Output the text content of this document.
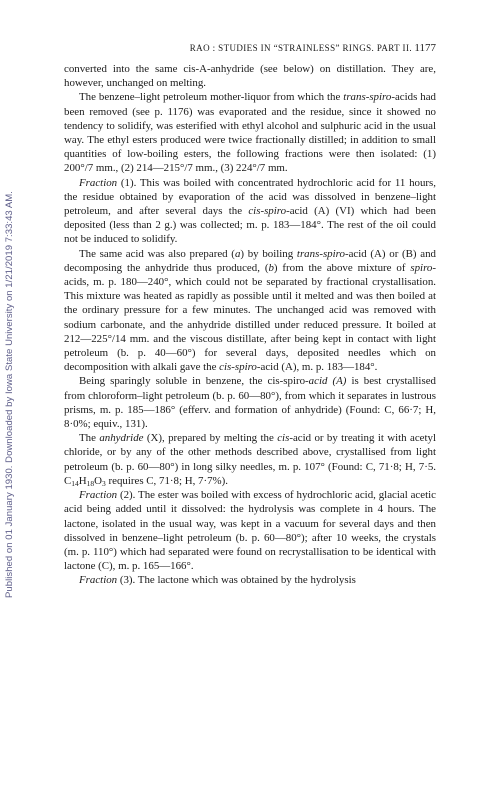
RAO : STUDIES IN “STRAINLESS” RINGS. PART II. 1177
Published on 01 January 1930. Downloaded by Iowa State University on 1/21/2019 7:33:43 AM.

converted into the same cis-A-anhydride (see below) on distillation. They are, however, unchanged on melting.

The benzene–light petroleum mother-liquor from which the trans-spiro-acids had been removed (see p. 1176) was evaporated and the residue, since it showed no tendency to solidify, was esterified with ethyl alcohol and sulphuric acid in the usual way. The ethyl esters produced were twice fractionally distilled; in addition to small quantities of low-boiling esters, the following fractions were then isolated: (1) 200°/7 mm., (2) 214—215°/7 mm., (3) 224°/7 mm.

Fraction (1). This was boiled with concentrated hydrochloric acid for 11 hours, the residue obtained by evaporation of the acid was dissolved in benzene–light petroleum, and after several days the cis-spiro-acid (A) (VI) which had been deposited (less than 2 g.) was collected; m. p. 183—184°. The rest of the oil could not be induced to solidify.

The same acid was also prepared (a) by boiling trans-spiro-acid (A) or (B) and decomposing the anhydride thus produced, (b) from the above mixture of spiro-acids, m. p. 180—240°, which could not be separated by fractional crystallisation. This mixture was heated as rapidly as possible until it melted and was then boiled at the ordinary pressure for a few minutes. The unchanged acid was removed with sodium carbonate, and the anhydride distilled under reduced pressure. It boiled at 212—225°/14 mm. and the viscous distillate, after being kept in contact with light petroleum (b. p. 40—60°) for several days, deposited needles which on decomposition with alkali gave the cis-spiro-acid (A), m. p. 183—184°.

Being sparingly soluble in benzene, the cis-spiro-acid (A) is best crystallised from chloroform–light petroleum (b. p. 60—80°), from which it separates in lustrous prisms, m. p. 185—186° (efferv. and formation of anhydride) (Found: C, 66·7; H, 8·0%; equiv., 131).

The anhydride (X), prepared by melting the cis-acid or by treating it with acetyl chloride, or by any of the other methods described above, crystallised from light petroleum (b. p. 60—80°) in long silky needles, m. p. 107° (Found: C, 71·8; H, 7·5. $C_{14}H_{18}O_3$ requires C, 71·8; H, 7·7%).

Fraction (2). The ester was boiled with excess of hydrochloric acid, glacial acetic acid being added until it dissolved: the hydrolysis was complete in 4 hours. The lactone, isolated in the usual way, was kept in a vacuum for several days and then dissolved in benzene–light petroleum (b. p. 60—80°); after 10 weeks, the crystals (m. p. 110°) which had separated were found on recrystallisation to be identical with lactone (C), m. p. 165—166°.

Fraction (3). The lactone which was obtained by the hydrolysis
